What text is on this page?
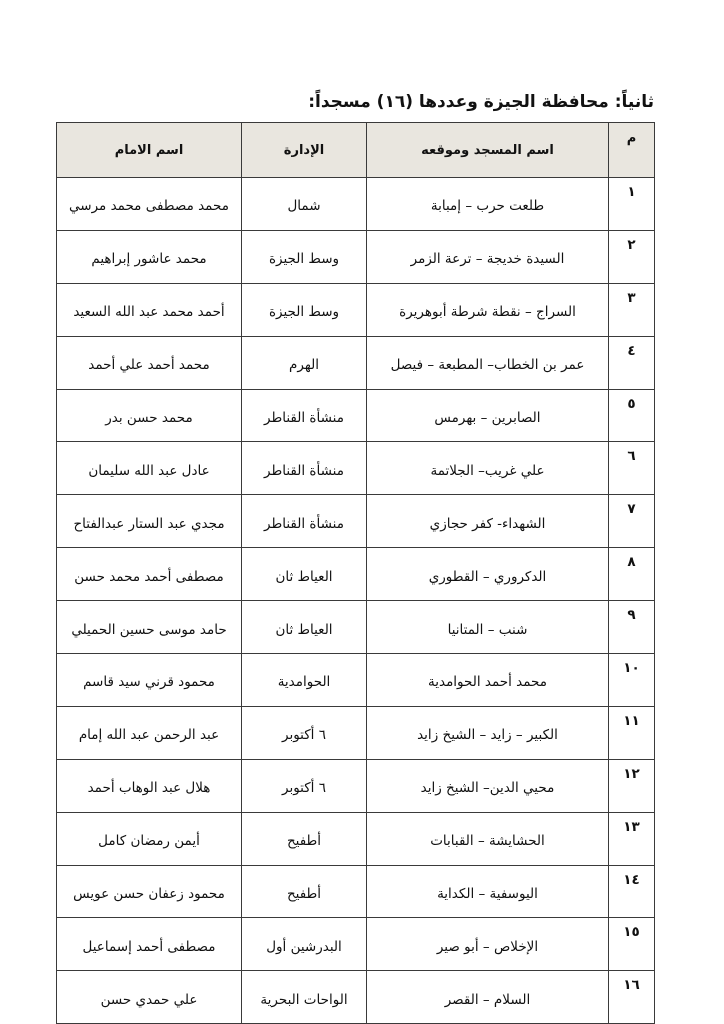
ثانياً: محافظة الجيزة وعددها (١٦) مسجداً:
م	اسم المسجد وموقعه	الإدارة	اسم الامام
١	طلعت حرب – إمبابة	شمال	محمد مصطفى محمد مرسي
٢	السيدة خديجة – ترعة الزمر	وسط الجيزة	محمد عاشور إبراهيم
٣	السراج – نقطة شرطة أبوهريرة	وسط الجيزة	أحمد محمد عبد الله السعيد
٤	عمر بن الخطاب– المطبعة – فيصل	الهرم	محمد أحمد علي أحمد
٥	الصابرين – بهرمس	منشأة القناطر	محمد حسن بدر
٦	علي غريب– الجلاتمة	منشأة القناطر	عادل عبد الله سليمان
٧	الشهداء- كفر حجازي	منشأة القناطر	مجدي عبد الستار عبدالفتاح
٨	الدكروري – القطوري	العياط ثان	مصطفى أحمد محمد حسن
٩	شنب – المتانيا	العياط ثان	حامد موسى حسين الحميلي
١٠	محمد أحمد الحوامدية	الحوامدية	محمود قرني سيد قاسم
١١	الكبير – زايد – الشيخ زايد	٦ أكتوبر	عبد الرحمن عبد الله إمام
١٢	محيي الدين– الشيخ زايد	٦ أكتوبر	هلال عبد الوهاب أحمد
١٣	الحشايشة – القبابات	أطفيح	أيمن رمضان كامل
١٤	اليوسفية – الكداية	أطفيح	محمود زعفان حسن عويس
١٥	الإخلاص – أبو صير	البدرشين أول	مصطفى أحمد إسماعيل
١٦	السلام – القصر	الواحات البحرية	علي حمدي حسن
